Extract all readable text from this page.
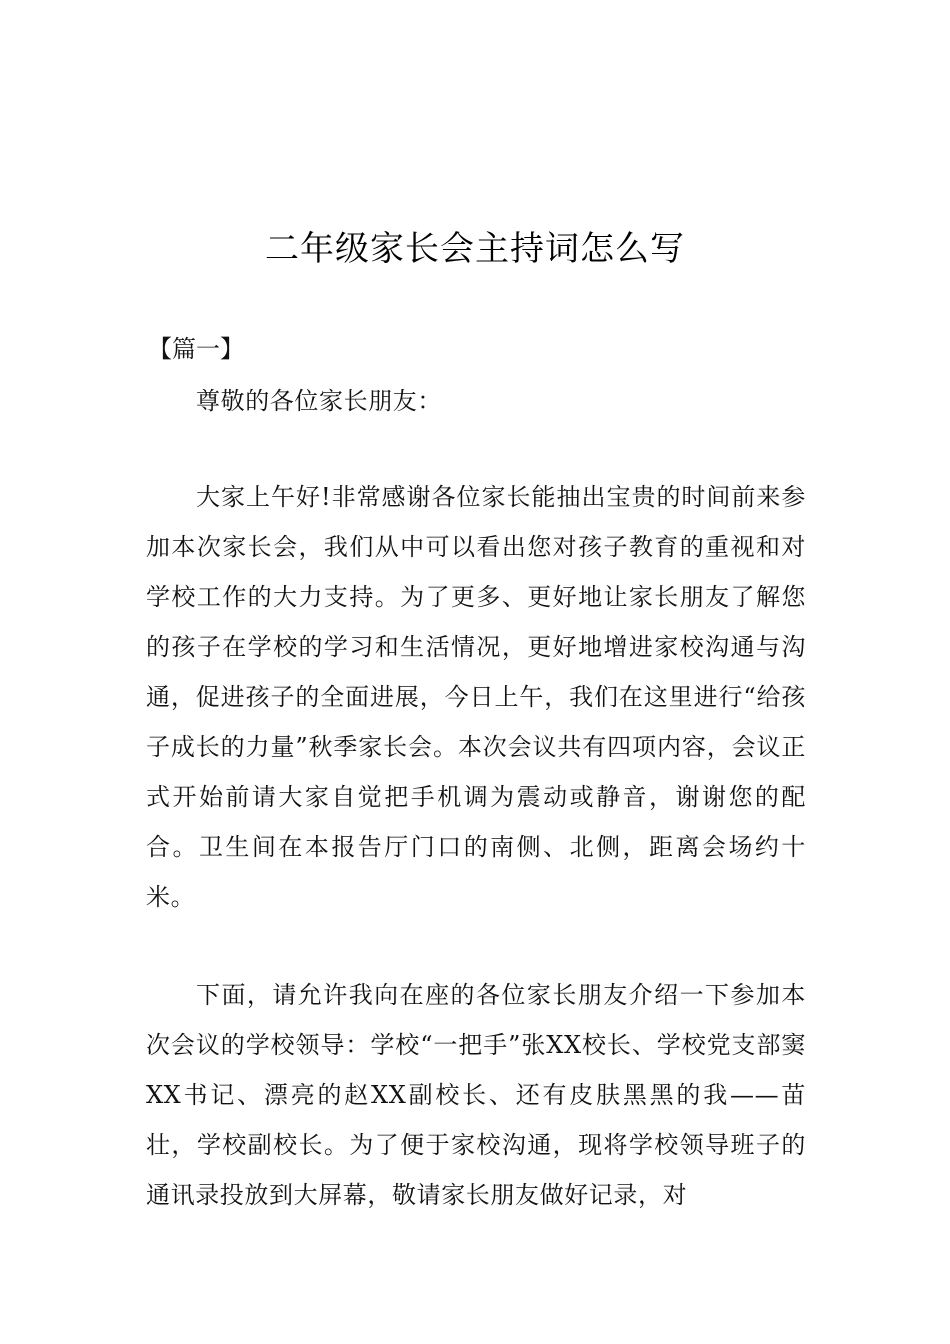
二年级家长会主持词怎么写

【篇一】

尊敬的各位家长朋友：

大家上午好!非常感谢各位家长能抽出宝贵的时间前来参加本次家长会，我们从中可以看出您对孩子教育的重视和对学校工作的大力支持。为了更多、更好地让家长朋友了解您的孩子在学校的学习和生活情况，更好地增进家校沟通与沟通，促进孩子的全面进展，今日上午，我们在这里进行“给孩子成长的力量”秋季家长会。本次会议共有四项内容，会议正式开始前请大家自觉把手机调为震动或静音，谢谢您的配合。卫生间在本报告厅门口的南侧、北侧，距离会场约十米。

下面，请允许我向在座的各位家长朋友介绍一下参加本次会议的学校领导：学校“一把手”张XX校长、学校党支部窦XX书记、漂亮的赵XX副校长、还有皮肤黑黑的我——苗壮，学校副校长。为了便于家校沟通，现将学校领导班子的通讯录投放到大屏幕，敬请家长朋友做好记录，对
